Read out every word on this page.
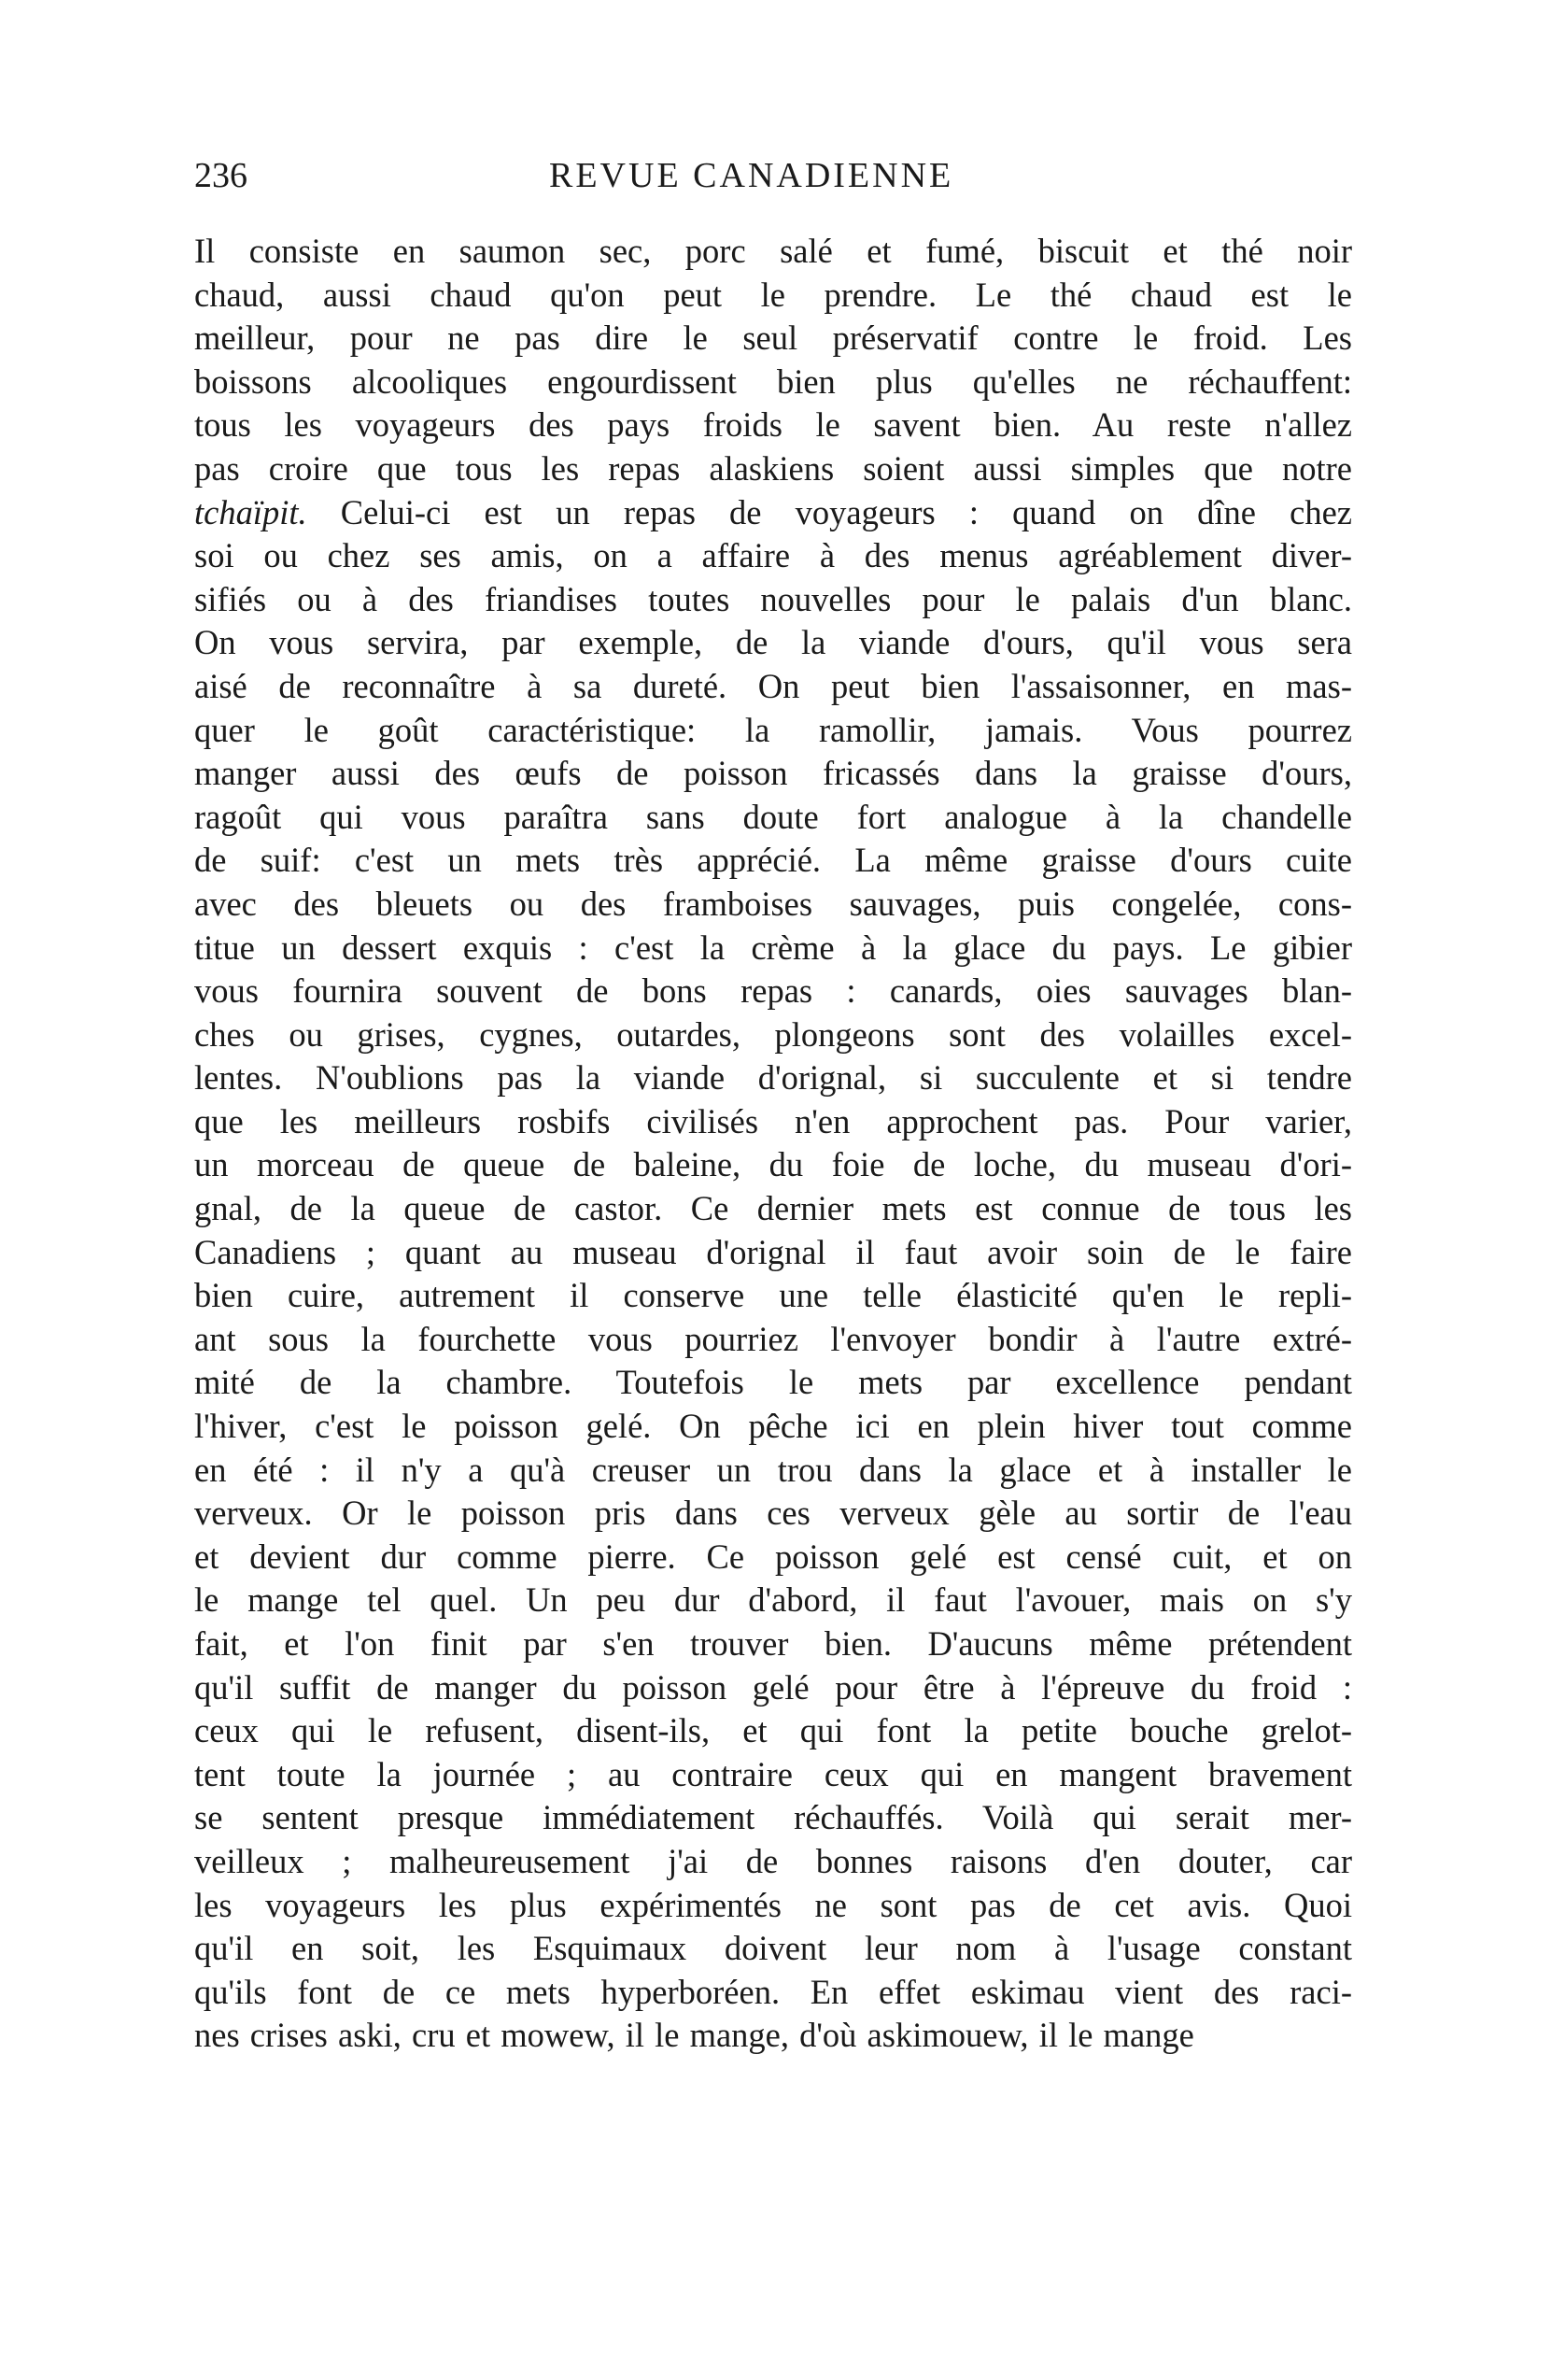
236	REVUE CANADIENNE
Il consiste en saumon sec, porc salé et fumé, biscuit et thé noir
chaud, aussi chaud qu'on peut le prendre. Le thé chaud est le
meilleur, pour ne pas dire le seul préservatif contre le froid. Les
boissons alcooliques engourdissent bien plus qu'elles ne réchauffent:
tous les voyageurs des pays froids le savent bien. Au reste n'allez
pas croire que tous les repas alaskiens soient aussi simples que notre
tchaïpit. Celui-ci est un repas de voyageurs : quand on dîne chez
soi ou chez ses amis, on a affaire à des menus agréablement diver-
sifiés ou à des friandises toutes nouvelles pour le palais d'un blanc.
On vous servira, par exemple, de la viande d'ours, qu'il vous sera
aisé de reconnaître à sa dureté. On peut bien l'assaisonner, en mas-
quer le goût caractéristique: la ramollir, jamais. Vous pourrez
manger aussi des œufs de poisson fricassés dans la graisse d'ours,
ragoût qui vous paraîtra sans doute fort analogue à la chandelle
de suif: c'est un mets très apprécié. La même graisse d'ours cuite
avec des bleuets ou des framboises sauvages, puis congelée, cons-
titue un dessert exquis : c'est la crème à la glace du pays. Le gibier
vous fournira souvent de bons repas : canards, oies sauvages blan-
ches ou grises, cygnes, outardes, plongeons sont des volailles excel-
lentes. N'oublions pas la viande d'orignal, si succulente et si tendre
que les meilleurs rosbifs civilisés n'en approchent pas. Pour varier,
un morceau de queue de baleine, du foie de loche, du museau d'ori-
gnal, de la queue de castor. Ce dernier mets est connue de tous les
Canadiens ; quant au museau d'orignal il faut avoir soin de le faire
bien cuire, autrement il conserve une telle élasticité qu'en le repli-
ant sous la fourchette vous pourriez l'envoyer bondir à l'autre extré-
mité de la chambre. Toutefois le mets par excellence pendant
l'hiver, c'est le poisson gelé. On pêche ici en plein hiver tout comme
en été : il n'y a qu'à creuser un trou dans la glace et à installer le
verveux. Or le poisson pris dans ces verveux gèle au sortir de l'eau
et devient dur comme pierre. Ce poisson gelé est censé cuit, et on
le mange tel quel. Un peu dur d'abord, il faut l'avouer, mais on s'y
fait, et l'on finit par s'en trouver bien. D'aucuns même prétendent
qu'il suffit de manger du poisson gelé pour être à l'épreuve du froid :
ceux qui le refusent, disent-ils, et qui font la petite bouche grelot-
tent toute la journée ; au contraire ceux qui en mangent bravement
se sentent presque immédiatement réchauffés. Voilà qui serait mer-
veilleux ; malheureusement j'ai de bonnes raisons d'en douter, car
les voyageurs les plus expérimentés ne sont pas de cet avis. Quoi
qu'il en soit, les Esquimaux doivent leur nom à l'usage constant
qu'ils font de ce mets hyperboréen. En effet eskimau vient des raci-
nes crises aski, cru et mowew, il le mange, d'où askimouew, il le mange
